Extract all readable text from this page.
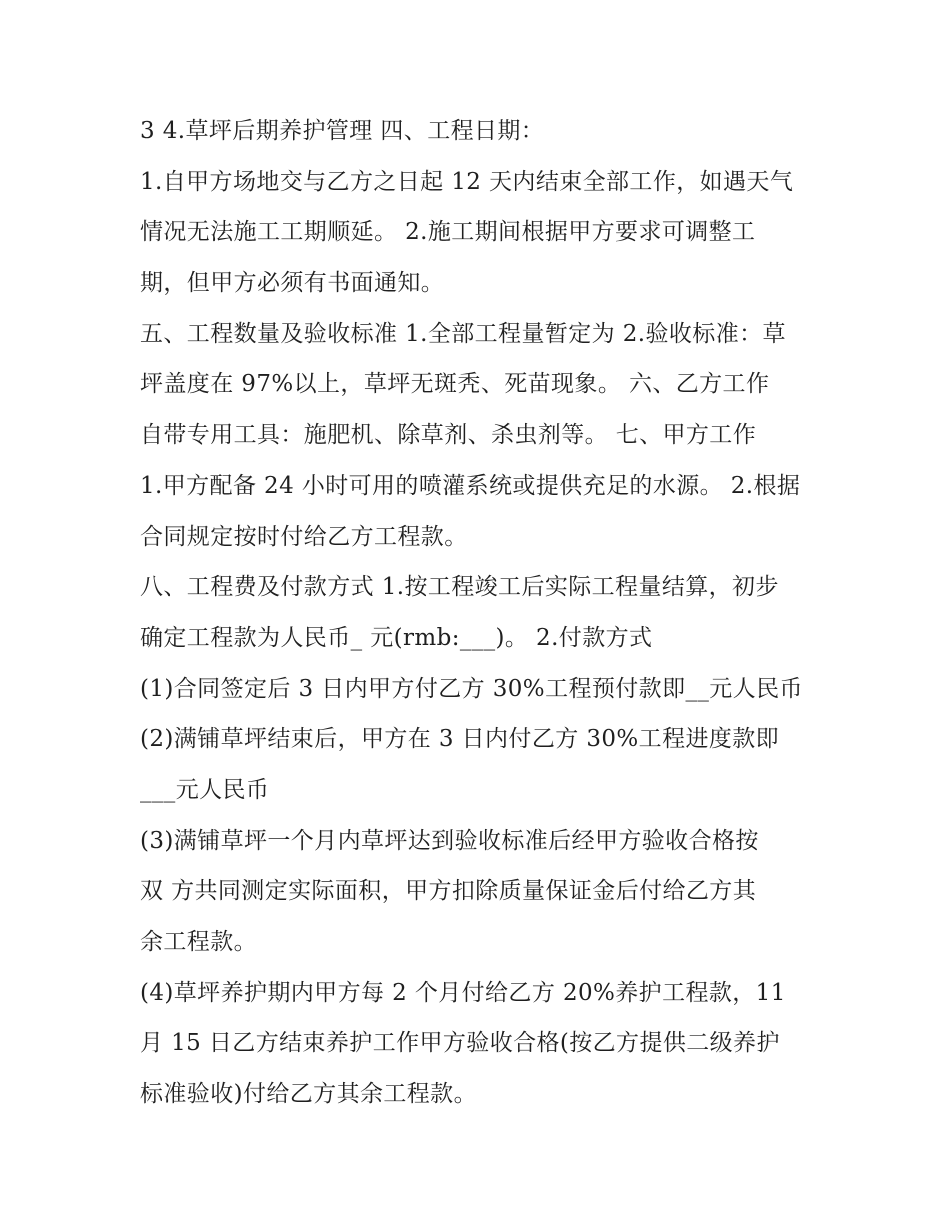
3 4.草坪后期养护管理 四、工程日期：
1.自甲方场地交与乙方之日起 12 天内结束全部工作，如遇天气
情况无法施工工期顺延。 2.施工期间根据甲方要求可调整工
期，但甲方必须有书面通知。
五、工程数量及验收标准 1.全部工程量暂定为 2.验收标准：草
坪盖度在 97%以上，草坪无斑秃、死苗现象。 六、乙方工作
自带专用工具：施肥机、除草剂、杀虫剂等。 七、甲方工作
1.甲方配备 24 小时可用的喷灌系统或提供充足的水源。 2.根据
合同规定按时付给乙方工程款。
八、工程费及付款方式 1.按工程竣工后实际工程量结算，初步
确定工程款为人民币_ 元(rmb:___)。 2.付款方式
(1)合同签定后 3 日内甲方付乙方 30%工程预付款即__元人民币
(2)满铺草坪结束后，甲方在 3 日内付乙方 30%工程进度款即
___元人民币
(3)满铺草坪一个月内草坪达到验收标准后经甲方验收合格按
双 方共同测定实际面积，甲方扣除质量保证金后付给乙方其
余工程款。
(4)草坪养护期内甲方每 2 个月付给乙方 20%养护工程款，11
月 15 日乙方结束养护工作甲方验收合格(按乙方提供二级养护
标准验收)付给乙方其余工程款。
